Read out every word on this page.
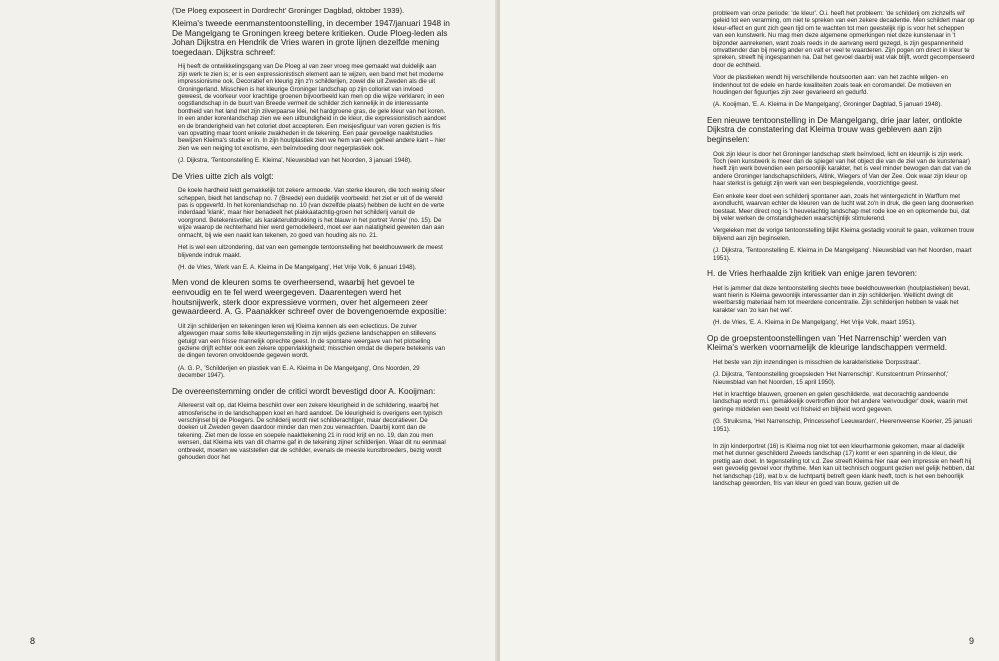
('De Ploeg exposeert in Dordrecht' Groninger Dagblad, oktober 1939).

Kleima's tweede eenmanstentoonstelling, in december 1947/januari 1948 in De Mangelgang te Groningen kreeg betere kritieken. Oude Ploeg-leden als Johan Dijkstra en Hendrik de Vries waren in grote lijnen dezelfde mening toegedaan. Dijkstra schreef:

Hij heeft de ontwikkelingsgang van De Ploeg al van zeer vroeg mee gemaakt wat duidelijk aan zijn werk te zien is; er is een expressionistisch element aan te wijzen, een band met het moderne impressionisme ook. Decoratief en kleurig zijn z'n schilderijen, zowel die uit Zweden als die uit Groningerland. Misschien is het kleurige Groninger landschap op zijn colloriet van invloed geweest, de voorkeur voor krachtige groenen bijvoorbeeld kan men op die wijze verklaren; in een oogstlandschap in de buurt van Breede vermeit de schilder zich kennelijk in de interessante bontheid van het land met zijn zilverpaarse klei, het hardgroene gras, de gele kleur van het koren. In een ander korenlandschap zien we een uitbundigheid in de kleur, die expressionistisch aandoet en de branderigheid van het coloriet doet accepteren. Een meisjesfiguur van voren gezien is fris van opvatting maar toont enkele zwakheden in de tekening. Een paar gevoelige naaktstudies bewijzen Kleima's studie er in. In zijn houtplastiek zien we hem van een geheel andere kant – hier zien we een neiging tot exotisme, een beïnvloeding door negerplastiek ook.

(J. Dijkstra, 'Tentoonstelling E. Kleima', Nieuwsblad van het Noorden, 3 januari 1948).

De Vries uitte zich als volgt:

De koele hardheid leidt gemakkelijk tot zekere armoede. Van sterke kleuren, die toch weinig sfeer scheppen, biedt het landschap no. 7 (Breede) een duidelijk voorbeeld: het ziet er uit of de wereld pas is opgeverfd. In het korenlandschap no. 10 (van dezelfde plaats) hebben de lucht en de verte inderdaad 'klank', maar hier benadeelt het plakkaatachtig-groen het schilderij vanuit de voorgrond. Betekenisvoller, als karakteruitdrukking is het blauw in het portret 'Annie' (no. 15). De wijze waarop de rechterhand hier werd gemodelleerd, moet eer aan nalatigheid geweten dan aan onmacht, bij wie een naakt kan tekenen, zo goed van houding als no. 21.

Het is wel een uitzondering, dat van een gemengde tentoonstelling het beeldhouwwerk de meest blijvende indruk maakt.

(H. de Vries, 'Werk van E. A. Kleima in De Mangelgang', Het Vrije Volk, 6 januari 1948).

Men vond de kleuren soms te overheersend, waarbij het gevoel te eenvoudig en te fel werd weergegeven. Daarentegen werd het houtsnijwerk, sterk door expressieve vormen, over het algemeen zeer gewaardeerd. A. G. Paanakker schreef over de bovengenoemde expositie:

Uit zijn schilderijen en tekeningen leren wij Kleima kennen als een eclecticus. De zuiver afgewogen maar soms felle kleurtegenstelling in zijn wijds geziene landschappen en stillevens getuigt van een frisse mannelijk oprechte geest. In de spontane weergave van het plotseling geziene drijft echter ook een zekere oppervlakkigheid; misschien omdat de diepere betekenis van de dingen tevoren onvoldoende gegeven wordt.

(A. G. P., 'Schilderijen en plastiek van E. A. Kleima in De Mangelgang', Ons Noorden, 29 december 1947).

De overeenstemming onder de critici wordt bevestigd door A. Kooijman:

Allereerst valt op, dat Kleima beschikt over een zekere kleurigheid in de schildering, waarbij het atmosferische in de landschappen koel en hard aandoet. De kleurigheid is overigens een typisch verschijnsel bij de Ploegers. De schilderij wordt niet schilderachtiger, maar decoratiever. De doeken uit Zweden geven daardoor minder dan men zou verwachten. Daarbij komt dan de tekening. Ziet men de losse en soepele naakttekening 21 in rood krijt en no. 19, dan zou men wensen, dat Kleima iets van dit charme gaf in de tekening zijner schilderijen. Waar dit nu eenmaal ontbreekt, moeten we vaststellen dat de schilder, evenals de meeste kunstbroeders, bezig wordt gehouden door het

8

probleem van onze periode: 'de kleur'. O.i. heeft het probleem: 'de schilderij om zichzelfs wil' geleid tot een verarming, om niet te spreken van een zekere decadentie. Men schildert maar op kleur-effect en gunt zich geen tijd om te wachten tot men geestelijk rijp is voor het scheppen van een kunstwerk. Nu mag men deze algemene opmerkingen niet deze kunstenaar in 't bijzonder aanrekenen, want zoals reeds in de aanvang werd gezegd, is zijn gespannenheid omvattender dan bij menig ander en valt er veel te waarderen. Zijn pogen om direct in kleur te spreken, streeft hij ingespannen na. Dat het gevoel daarbij wat vlak blijft, wordt gecompenseerd door de echtheid.

Voor de plastieken wendt hij verschillende houtsoorten aan: van het zachte wilgen- en lindenhout tot de edele en harde kwaliteiten zoals teak en coromandel. De motieven en houdingen der figuurtjes zijn zeer gevarieerd en gedurfd.

(A. Kooijman, 'E. A. Kleima in De Mangelgang', Groninger Dagblad, 5 januari 1948).

Een nieuwe tentoonstelling in De Mangelgang, drie jaar later, ontlokte Dijkstra de constatering dat Kleima trouw was gebleven aan zijn beginselen:

Ook zijn kleur is door het Groninger landschap sterk beïnvloed, licht en kleurrijk is zijn werk. Toch (een kunstwerk is meer dan de spiegel van het object die van de ziel van de kunstenaar) heeft zijn werk bovendien een persoonlijk karakter, het is veel minder bewogen dan dat van de andere Groninger landschapschilders, Altink, Wiegers of Van der Zee. Ook waar zijn kleur op haar sterkst is getuigt zijn werk van een bespiegelende, voorzichtige geest.

Een enkele keer doet een schilderij spontaner aan, zoals het wintergezicht in Warffum met avondlucht, waarvan echter de kleuren van de lucht wat zo'n in druk, die geen lang doorwerken toestaat. Meer direct nog is 't heuvelachtig landschap met rode koe en en opkomende bui, dat bij veler werken de omstandigheden waarschijnlijk stimulerend.

Vergeleken met de vorige tentoonstelling blijkt Kleima gestadig vooruit te gaan, volkomen trouw blijvend aan zijn beginselen.

(J. Dijkstra, 'Tentoonstelling E. Kleima in De Mangelgang'. Nieuwsblad van het Noorden, maart 1951).

H. de Vries herhaalde zijn kritiek van enige jaren tevoren:

Het is jammer dat deze tentoonstelling slechts twee beeldhouwwerken (houtplastieken) bevat, want hierin is Kleima gewoonlijk interessanter dan in zijn schilderijen. Wellicht dwingt dit weerbarstig materiaal hem tot meerdere concentratie. Zijn schilderijen hebben te vaak het karakter van 'zo kan het wel'.

(H. de Vries, 'E. A. Kleima in De Mangelgang', Het Vrije Volk, maart 1951).

Op de groepstentoonstellingen van 'Het Narrenschip' werden van Kleima's werken voornamelijk de kleurige landschappen vermeld.

Het beste van zijn inzendingen is misschien de karakteristieke 'Dorpsstraat'.

(J. Dijkstra, 'Tentoonstelling groepsleden 'Het Narrenschip'. Kunstcentrum Prinsenhof,' Nieuwsblad van het Noorden, 15 april 1950).

Het in krachtige blauwen, groenen en gelen geschilderde, wat decorachtig aandoende landschap wordt m.i. gemakkelijk overtroffen door het andere 'eenvoudiger' doek, waarin met geringe middelen een beeld vol frisheid en blijheid word gegeven.

(G. Struiksma, 'Het Narrenschip, Princessehof Leeuwarden', Heerenveense Koerier, 25 januari 1951).

In zijn kinderportret (16) is Kleima nog niet tot een kleurharmonie gekomen, maar al dadelijk met het dunner geschilderd Zweeds landschap (17) komt er een spanning in de kleur, die prettig aan doet. In tegenstelling tot v.d. Zee streeft Kleima hier naar een impressie en heeft hij een gevoelig gevoel voor rhythme. Men kan uit technisch oogpunt gezien wel gelijk hebben, dat het landschap (18), wat b.v. de luchtpartij betreft geen klank heeft, toch is het een behoorlijk landschap geworden, fris van kleur en goed van bouw, gezien uit de

9
